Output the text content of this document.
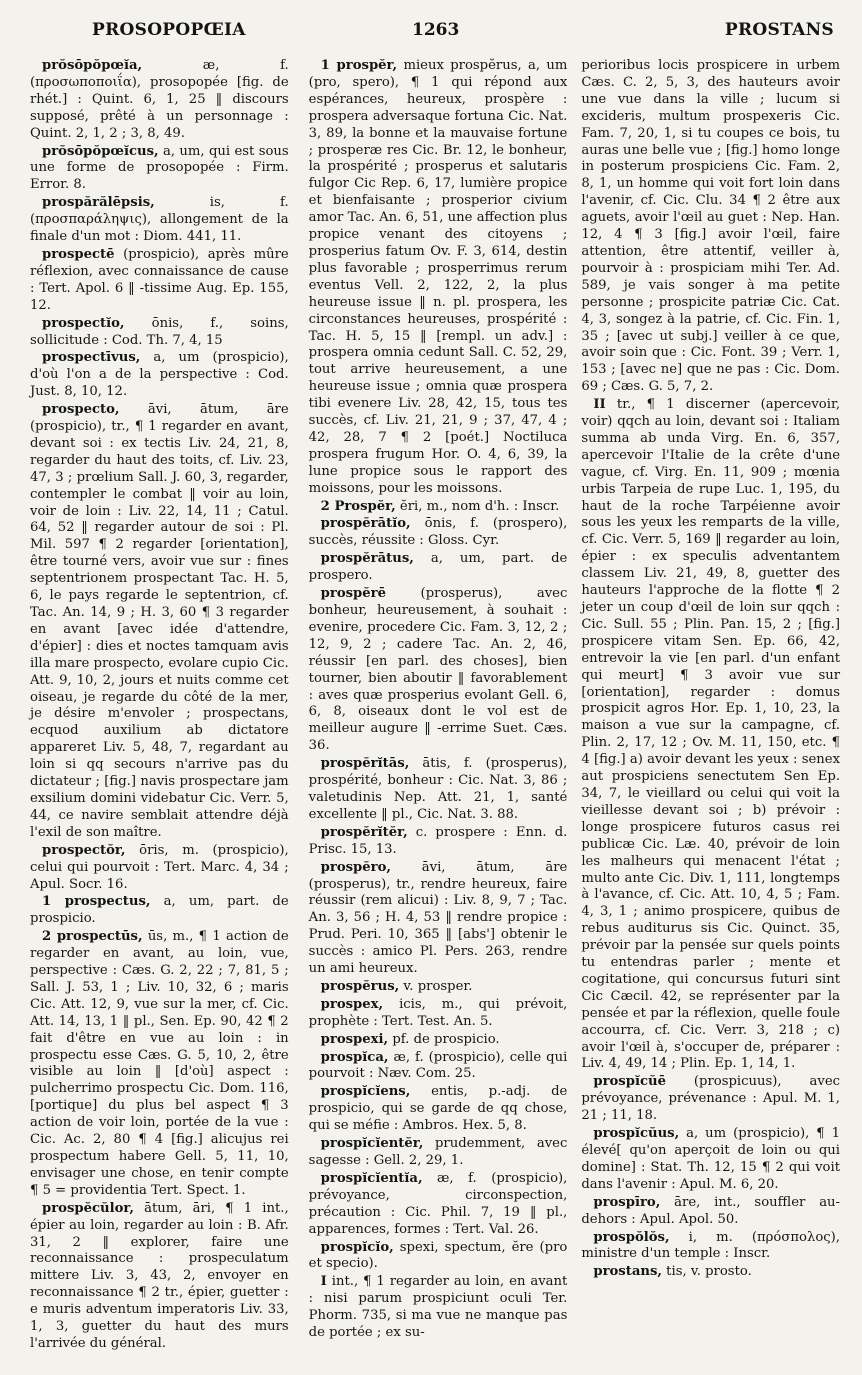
PROSOPOPŒIA	1263	PROSTANS

prŏsōpŏpœĭa, æ, f. (προσωποποιΐα), prosopopée [fig. de rhét.] : Quint. 6, 1, 25 ‖ discours supposé, prêté à un personnage : Quint. 2, 1, 2 ; 3, 8, 49.

prŏsōpŏpœĭcus, a, um, qui est sous une forme de prosopopée : Firm. Error. 8.

prospărălēpsis, is, f. (προσπαράληψις), allongement de la finale d'un mot : Diom. 441, 11.

prospectē (prospicio), après mûre réflexion, avec connaissance de cause : Tert. Apol. 6 ‖ -tissime Aug. Ep. 155, 12.

prospectĭo, ōnis, f., soins, sollicitude : Cod. Th. 7, 4, 15

prospectīvus, a, um (prospicio), d'où l'on a de la perspective : Cod. Just. 8, 10, 12.

prospecto, āvi, ātum, āre (prospicio), tr., ¶ 1 regarder en avant, devant soi : ex tectis Liv. 24, 21, 8, regarder du haut des toits, cf. Liv. 23, 47, 3 ; prœlium Sall. J. 60, 3, regarder, contempler le combat ‖ voir au loin, voir de loin : Liv. 22, 14, 11 ; Catul. 64, 52 ‖ regarder autour de soi : Pl. Mil. 597 ¶ 2 regarder [orientation], être tourné vers, avoir vue sur : fines septentrionem prospectant Tac. H. 5, 6, le pays regarde le septentrion, cf. Tac. An. 14, 9 ; H. 3, 60 ¶ 3 regarder en avant [avec idée d'attendre, d'épier] : dies et noctes tamquam avis illa mare prospecto, evolare cupio Cic. Att. 9, 10, 2, jours et nuits comme cet oiseau, je regarde du côté de la mer, je désire m'envoler ; prospectans, ecquod auxilium ab dictatore appareret Liv. 5, 48, 7, regardant au loin si qq secours n'arrive pas du dictateur ; [fig.] navis prospectare jam exsilium domini videbatur Cic. Verr. 5, 44, ce navire semblait attendre déjà l'exil de son maître.

prospectŏr, ōris, m. (prospicio), celui qui pourvoit : Tert. Marc. 4, 34 ; Apul. Socr. 16.

1 prospectus, a, um, part. de prospicio.

2 prospectūs, ūs, m., ¶ 1 action de regarder en avant, au loin, vue, perspective : Cæs. G. 2, 22 ; 7, 81, 5 ; Sall. J. 53, 1 ; Liv. 10, 32, 6 ; maris Cic. Att. 12, 9, vue sur la mer, cf. Cic. Att. 14, 13, 1 ‖ pl., Sen. Ep. 90, 42 ¶ 2 fait d'être en vue au loin : in prospectu esse Cæs. G. 5, 10, 2, être visible au loin ‖ [d'où] aspect : pulcherrimo prospectu Cic. Dom. 116, [portique] du plus bel aspect ¶ 3 action de voir loin, portée de la vue : Cic. Ac. 2, 80 ¶ 4 [fig.] alicujus rei prospectum habere Gell. 5, 11, 10, envisager une chose, en tenir compte ¶ 5 = providentia Tert. Spect. 1.

prospĕcŭlor, ātum, āri, ¶ 1 int., épier au loin, regarder au loin : B. Afr. 31, 2 ‖ explorer, faire une reconnaissance : prospeculatum mittere Liv. 3, 43, 2, envoyer en reconnaissance ¶ 2 tr., épier, guetter : e muris adventum imperatoris Liv. 33, 1, 3, guetter du haut des murs l'arrivée du général.

1 prospĕr, mieux prospĕrus, a, um (pro, spero), ¶ 1 qui répond aux espérances, heureux, prospère : prospera adversaque fortuna Cic. Nat. 3, 89, la bonne et la mauvaise fortune ; prosperæ res Cic. Br. 12, le bonheur, la prospérité ; prosperus et salutaris fulgor Cic Rep. 6, 17, lumière propice et bienfaisante ; prosperior civium amor Tac. An. 6, 51, une affection plus propice venant des citoyens ; prosperius fatum Ov. F. 3, 614, destin plus favorable ; prosperrimus rerum eventus Vell. 2, 122, 2, la plus heureuse issue ‖ n. pl. prospera, les circonstances heureuses, prospérité : Tac. H. 5, 15 ‖ [rempl. un adv.] : prospera omnia cedunt Sall. C. 52, 29, tout arrive heureusement, a une heureuse issue ; omnia quæ prospera tibi evenere Liv. 28, 42, 15, tous tes succès, cf. Liv. 21, 21, 9 ; 37, 47, 4 ; 42, 28, 7 ¶ 2 [poét.] Noctiluca prospera frugum Hor. O. 4, 6, 39, la lune propice sous le rapport des moissons, pour les moissons.

2 Prospĕr, ĕri, m., nom d'h. : Inscr.

prospĕrātĭo, ōnis, f. (prospero), succès, réussite : Gloss. Cyr.

prospĕrātus, a, um, part. de prospero.

prospĕrē (prosperus), avec bonheur, heureusement, à souhait : evenire, procedere Cic. Fam. 3, 12, 2 ; 12, 9, 2 ; cadere Tac. An. 2, 46, réussir [en parl. des choses], bien tourner, bien aboutir ‖ favorablement : aves quæ prosperius evolant Gell. 6, 6, 8, oiseaux dont le vol est de meilleur augure ‖ -errime Suet. Cæs. 36.

prospĕrĭtās, ātis, f. (prosperus), prospérité, bonheur : Cic. Nat. 3, 86 ; valetudinis Nep. Att. 21, 1, santé excellente ‖ pl., Cic. Nat. 3. 88.

prospĕrĭtĕr, c. prospere : Enn. d. Prisc. 15, 13.

prospĕro, āvi, ātum, āre (prosperus), tr., rendre heureux, faire réussir (rem alicui) : Liv. 8, 9, 7 ; Tac. An. 3, 56 ; H. 4, 53 ‖ rendre propice : Prud. Peri. 10, 365 ‖ [abs'] obtenir le succès : amico Pl. Pers. 263, rendre un ami heureux.

prospĕrus, v. prosper.

prospex, icis, m., qui prévoit, prophète : Tert. Test. An. 5.

prospexi, pf. de prospicio.

prospĭca, æ, f. (prospicio), celle qui pourvoit : Næv. Com. 25.

prospĭcĭens, entis, p.-adj. de prospicio, qui se garde de qq chose, qui se méfie : Ambros. Hex. 5, 8.

prospĭcĭentĕr, prudemment, avec sagesse : Gell. 2, 29, 1.

prospĭcĭentĭa, æ, f. (prospicio), prévoyance, circonspection, précaution : Cic. Phil. 7, 19 ‖ pl., apparences, formes : Tert. Val. 26.

prospĭcĭo, spexi, spectum, ĕre (pro et specio).

I int., ¶ 1 regarder au loin, en avant : nisi parum prospiciunt oculi Ter. Phorm. 735, si ma vue ne manque pas de portée ; ex su-

perioribus locis prospicere in urbem Cæs. C. 2, 5, 3, des hauteurs avoir une vue dans la ville ; lucum si excideris, multum prospexeris Cic. Fam. 7, 20, 1, si tu coupes ce bois, tu auras une belle vue ; [fig.] homo longe in posterum prospiciens Cic. Fam. 2, 8, 1, un homme qui voit fort loin dans l'avenir, cf. Cic. Clu. 34 ¶ 2 être aux aguets, avoir l'œil au guet : Nep. Han. 12, 4 ¶ 3 [fig.] avoir l'œil, faire attention, être attentif, veiller à, pourvoir à : prospiciam mihi Ter. Ad. 589, je vais songer à ma petite personne ; prospicite patriæ Cic. Cat. 4, 3, songez à la patrie, cf. Cic. Fin. 1, 35 ; [avec ut subj.] veiller à ce que, avoir soin que : Cic. Font. 39 ; Verr. 1, 153 ; [avec ne] que ne pas : Cic. Dom. 69 ; Cæs. G. 5, 7, 2.

II tr., ¶ 1 discerner (apercevoir, voir) qqch au loin, devant soi : Italiam summa ab unda Virg. En. 6, 357, apercevoir l'Italie de la crête d'une vague, cf. Virg. En. 11, 909 ; mœnia urbis Tarpeia de rupe Luc. 1, 195, du haut de la roche Tarpéienne avoir sous les yeux les remparts de la ville, cf. Cic. Verr. 5, 169 ‖ regarder au loin, épier : ex speculis adventantem classem Liv. 21, 49, 8, guetter des hauteurs l'approche de la flotte ¶ 2 jeter un coup d'œil de loin sur qqch : Cic. Sull. 55 ; Plin. Pan. 15, 2 ; [fig.] prospicere vitam Sen. Ep. 66, 42, entrevoir la vie [en parl. d'un enfant qui meurt] ¶ 3 avoir vue sur [orientation], regarder : domus prospicit agros Hor. Ep. 1, 10, 23, la maison a vue sur la campagne, cf. Plin. 2, 17, 12 ; Ov. M. 11, 150, etc. ¶ 4 [fig.] a) avoir devant les yeux : senex aut prospiciens senectutem Sen Ep. 34, 7, le vieillard ou celui qui voit la vieillesse devant soi ; b) prévoir : longe prospicere futuros casus rei publicæ Cic. Læ. 40, prévoir de loin les malheurs qui menacent l'état ; multo ante Cic. Div. 1, 111, longtemps à l'avance, cf. Cic. Att. 10, 4, 5 ; Fam. 4, 3, 1 ; animo prospicere, quibus de rebus auditurus sis Cic. Quinct. 35, prévoir par la pensée sur quels points tu entendras parler ; mente et cogitatione, qui concursus futuri sint Cic Cæcil. 42, se représenter par la pensée et par la réflexion, quelle foule accourra, cf. Cic. Verr. 3, 218 ; c) avoir l'œil à, s'occuper de, préparer : Liv. 4, 49, 14 ; Plin. Ep. 1, 14, 1.

prospĭcŭē (prospicuus), avec prévoyance, prévenance : Apul. M. 1, 21 ; 11, 18.

prospĭcŭus, a, um (prospicio), ¶ 1 élevé[ qu'on aperçoit de loin ou qui domine] : Stat. Th. 12, 15 ¶ 2 qui voit dans l'avenir : Apul. M. 6, 20.

prospīro, āre, int., souffler au-dehors : Apul. Apol. 50.

prospŏlŏs, i, m. (πρόσπολος), ministre d'un temple : Inscr.

prostans, tis, v. prosto.
